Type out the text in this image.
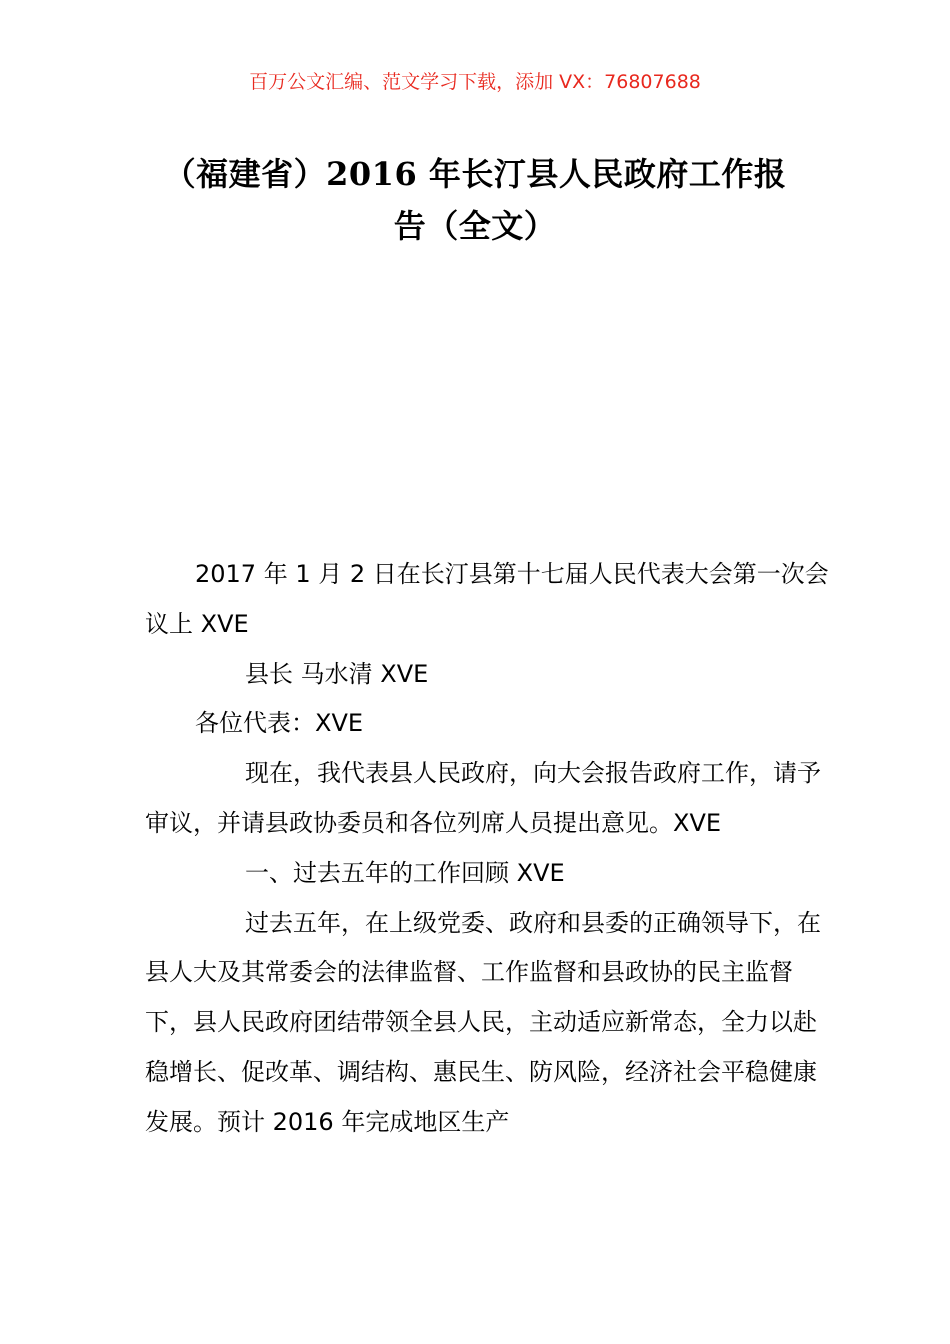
百万公文汇编、范文学习下载，添加 VX：76807688
（福建省）2016 年长汀县人民政府工作报
告（全文）

2017 年 1 月 2 日在长汀县第十七届人民代表大会第一次会议上 XVE

县长 马水清 XVE

各位代表：XVE

现在，我代表县人民政府，向大会报告政府工作，请予审议，并请县政协委员和各位列席人员提出意见。XVE

一、过去五年的工作回顾 XVE

过去五年，在上级党委、政府和县委的正确领导下，在县人大及其常委会的法律监督、工作监督和县政协的民主监督下，县人民政府团结带领全县人民，主动适应新常态，全力以赴稳增长、促改革、调结构、惠民生、防风险，经济社会平稳健康发展。预计 2016 年完成地区生产
